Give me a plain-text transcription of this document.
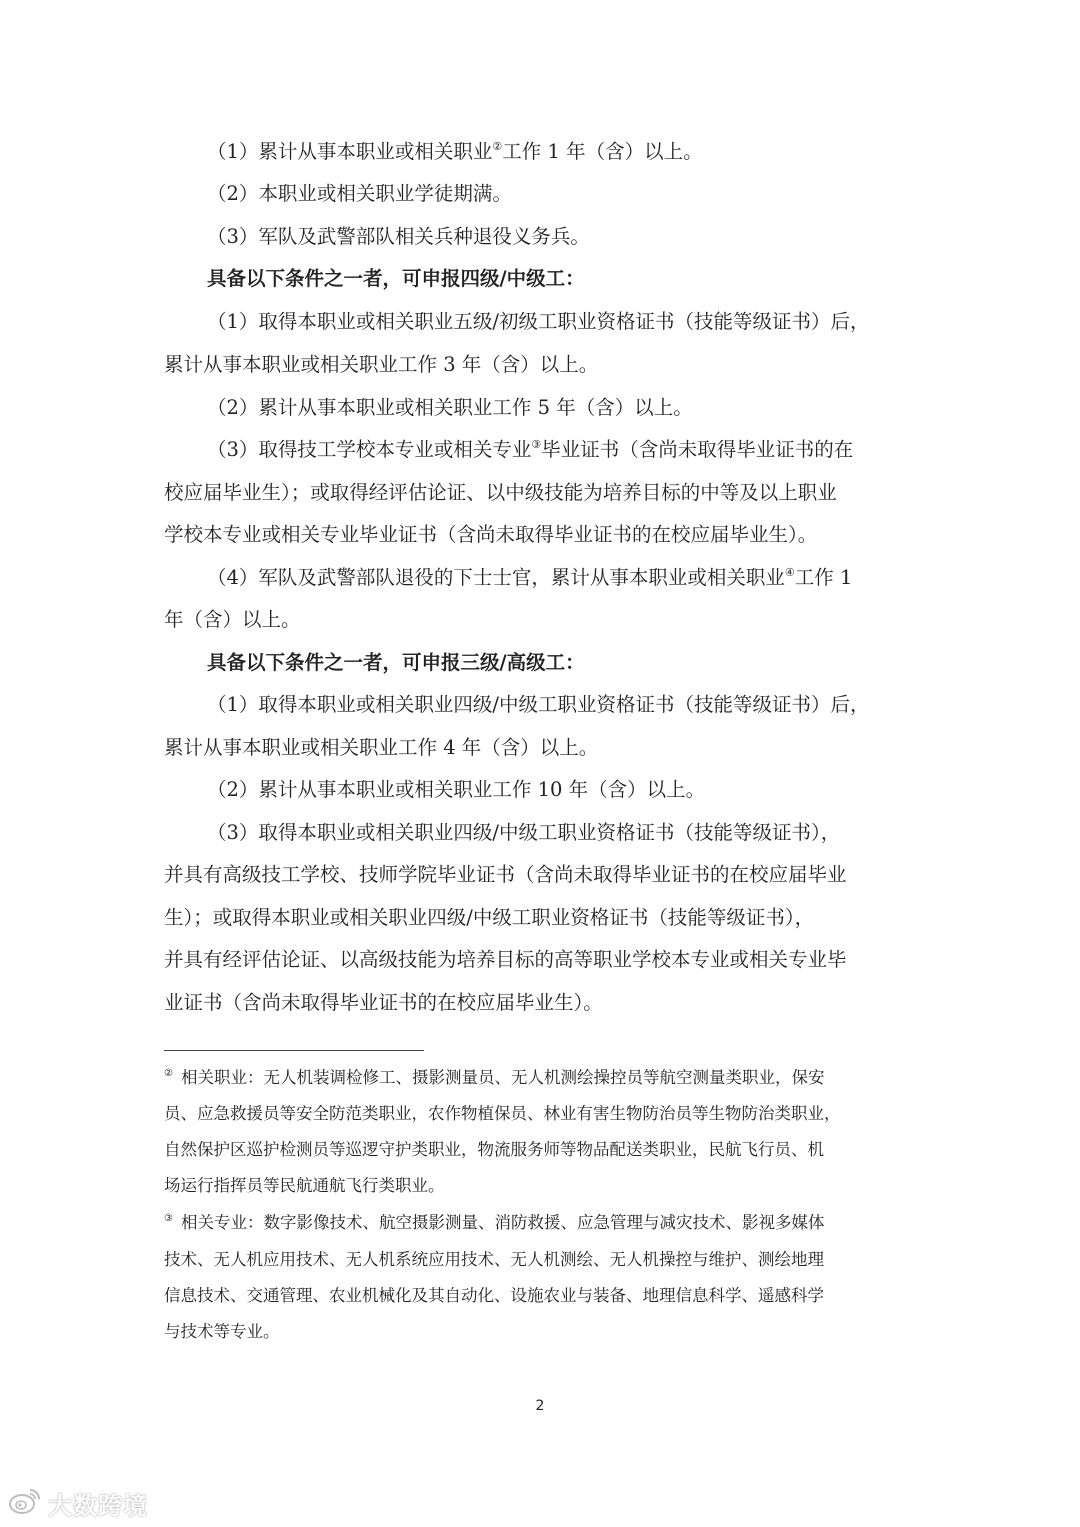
（1）累计从事本职业或相关职业②工作 1 年（含）以上。

（2）本职业或相关职业学徒期满。

（3）军队及武警部队相关兵种退役义务兵。

具备以下条件之一者，可申报四级/中级工：

（1）取得本职业或相关职业五级/初级工职业资格证书（技能等级证书）后，

累计从事本职业或相关职业工作 3 年（含）以上。

（2）累计从事本职业或相关职业工作 5 年（含）以上。

（3）取得技工学校本专业或相关专业③毕业证书（含尚未取得毕业证书的在

校应届毕业生）；或取得经评估论证、以中级技能为培养目标的中等及以上职业

学校本专业或相关专业毕业证书（含尚未取得毕业证书的在校应届毕业生）。

（4）军队及武警部队退役的下士士官，累计从事本职业或相关职业④工作 1

年（含）以上。

具备以下条件之一者，可申报三级/高级工：

（1）取得本职业或相关职业四级/中级工职业资格证书（技能等级证书）后，

累计从事本职业或相关职业工作 4 年（含）以上。

（2）累计从事本职业或相关职业工作 10 年（含）以上。

（3）取得本职业或相关职业四级/中级工职业资格证书（技能等级证书），

并具有高级技工学校、技师学院毕业证书（含尚未取得毕业证书的在校应届毕业

生）；或取得本职业或相关职业四级/中级工职业资格证书（技能等级证书），

并具有经评估论证、以高级技能为培养目标的高等职业学校本专业或相关专业毕

业证书（含尚未取得毕业证书的在校应届毕业生）。

② 相关职业：无人机装调检修工、摄影测量员、无人机测绘操控员等航空测量类职业，保安

员、应急救援员等安全防范类职业，农作物植保员、林业有害生物防治员等生物防治类职业，

自然保护区巡护检测员等巡逻守护类职业，物流服务师等物品配送类职业，民航飞行员、机

场运行指挥员等民航通航飞行类职业。

③ 相关专业：数字影像技术、航空摄影测量、消防救援、应急管理与减灾技术、影视多媒体

技术、无人机应用技术、无人机系统应用技术、无人机测绘、无人机操控与维护、测绘地理

信息技术、交通管理、农业机械化及其自动化、设施农业与装备、地理信息科学、遥感科学

与技术等专业。

2
大数跨境
